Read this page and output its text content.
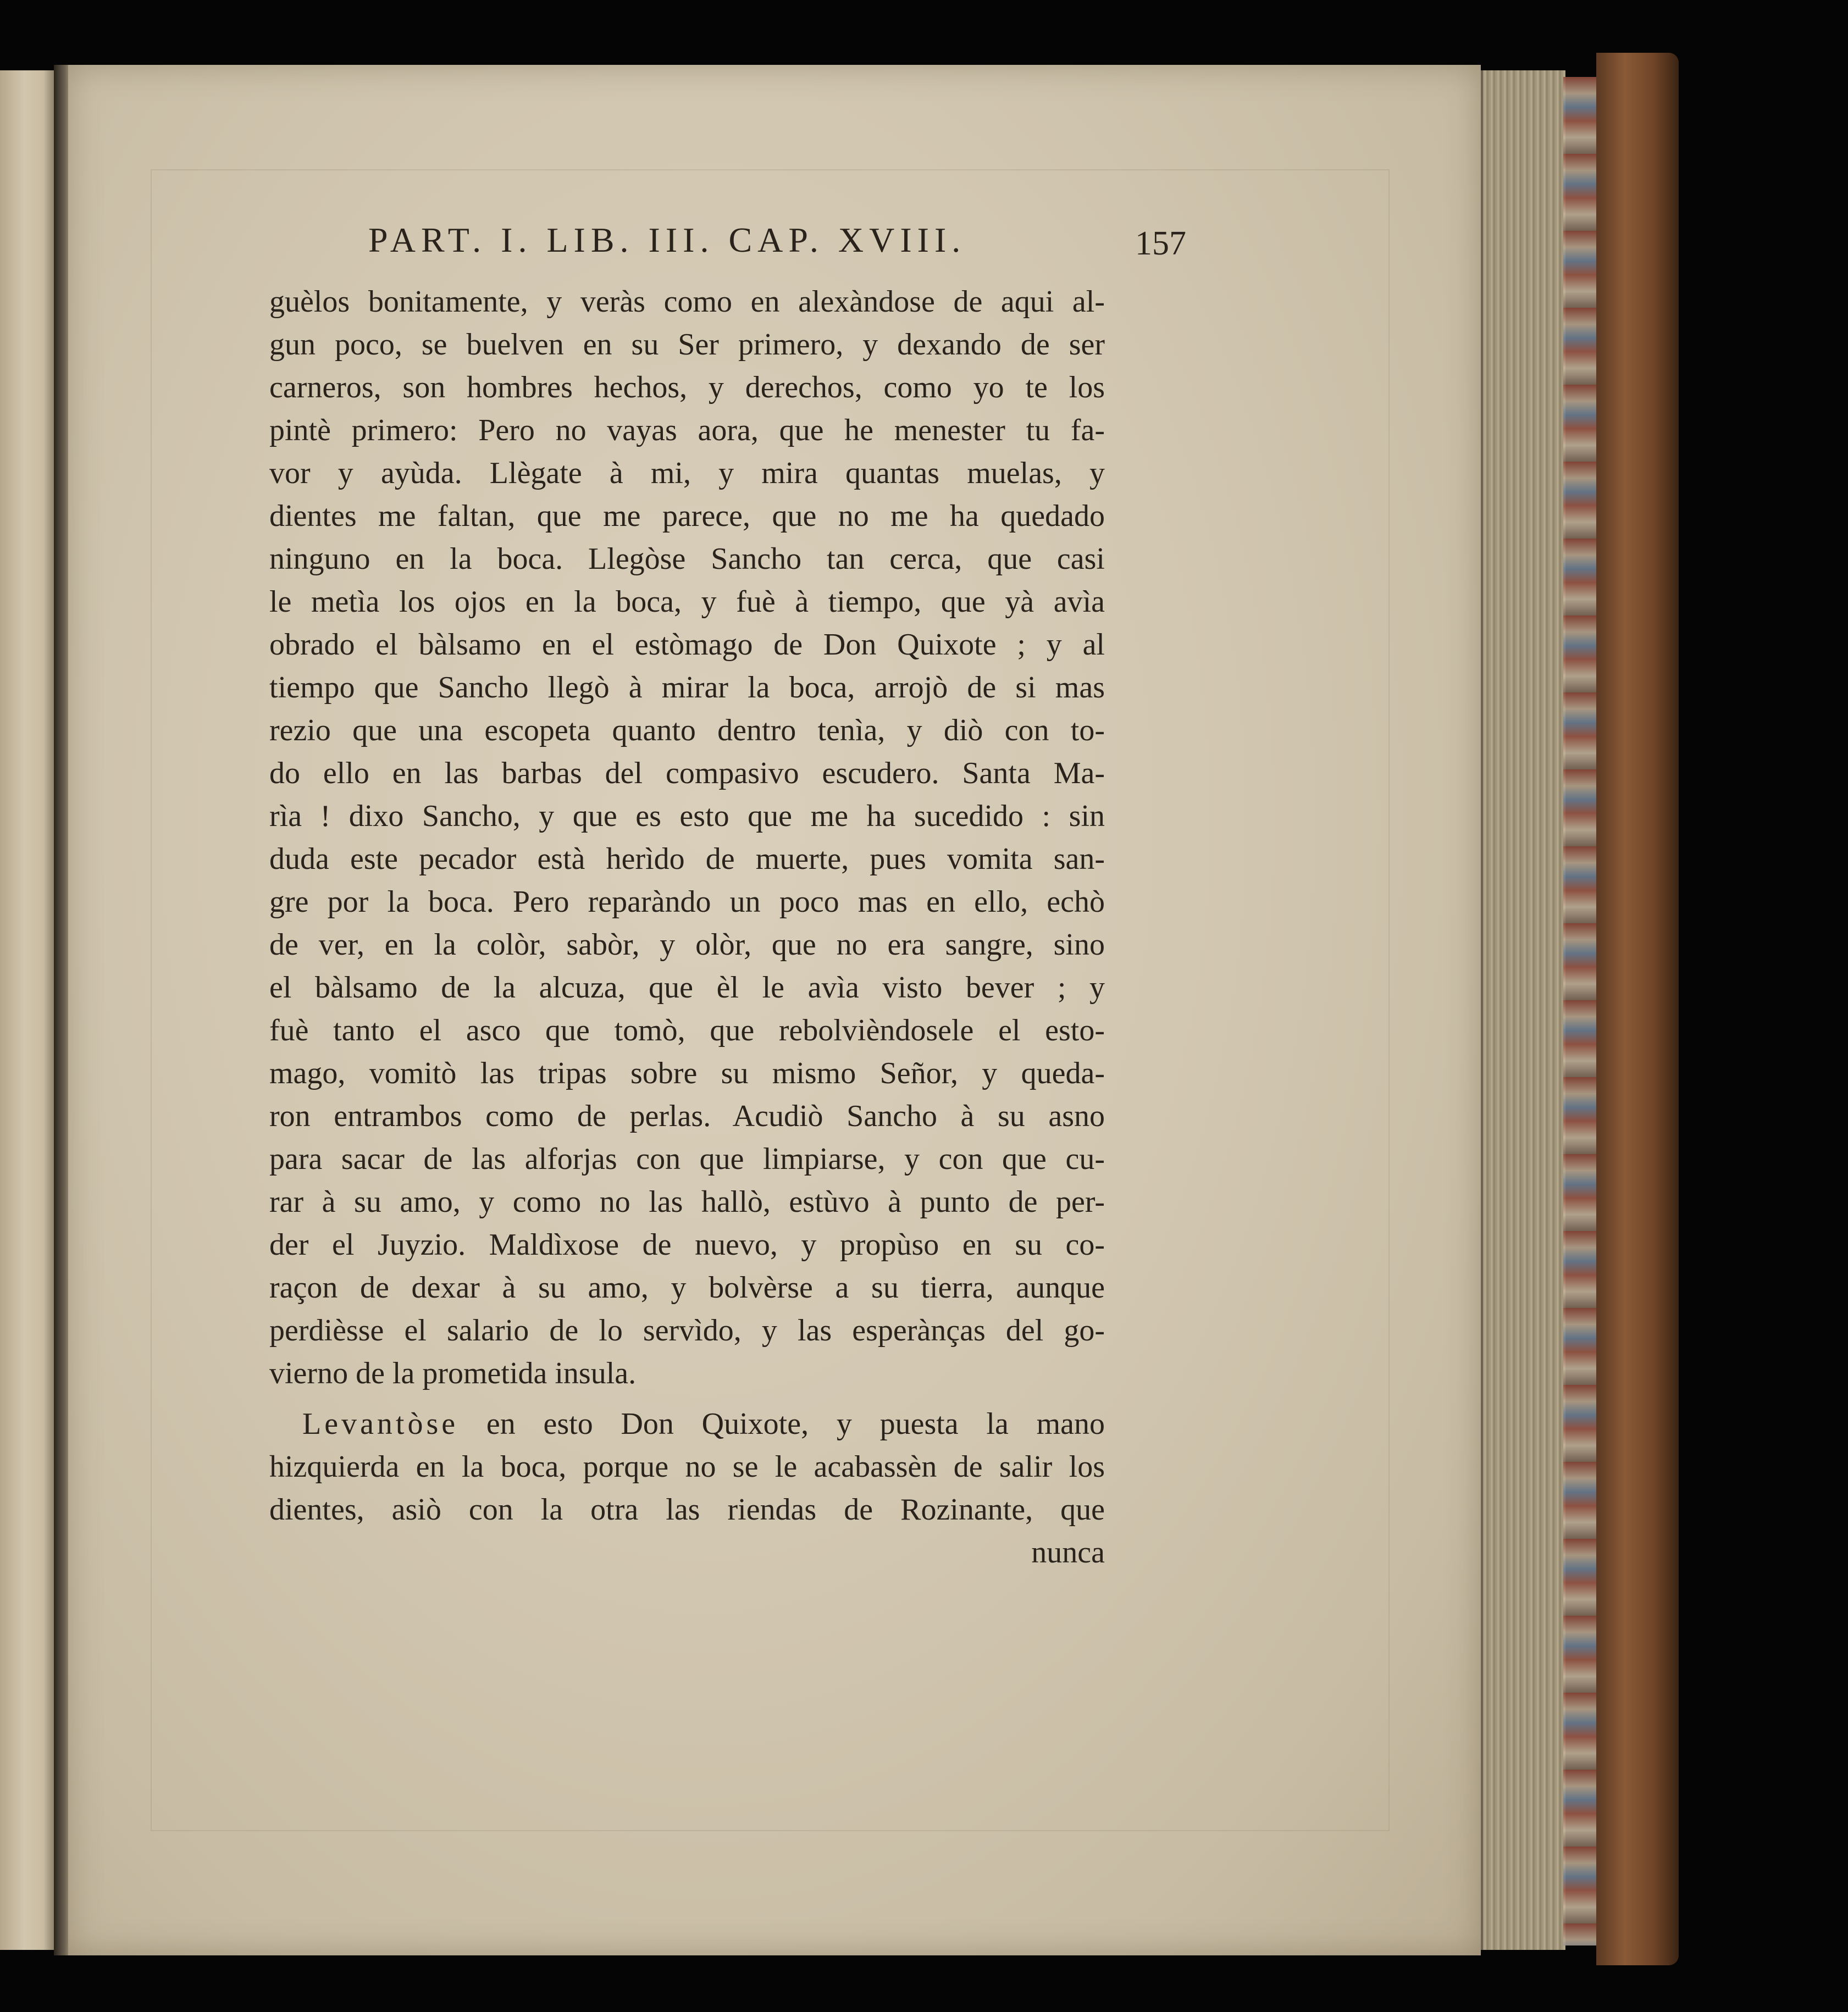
PART. I. LIB. III. CAP. XVIII.	157
guèlos bonitamente, y veràs como en alexàndose de aqui al-
gun poco, se buelven en su Ser primero, y dexando de ser
carneros, son hombres hechos, y derechos, como yo te los
pintè primero: Pero no vayas aora, que he menester tu fa-
vor y ayùda. Llègate à mi, y mira quantas muelas, y
dientes me faltan, que me parece, que no me ha quedado
ninguno en la boca. Llegòse Sancho tan cerca, que casi
le metìa los ojos en la boca, y fuè à tiempo, que yà avìa
obrado el bàlsamo en el estòmago de Don Quixote ; y al
tiempo que Sancho llegò à mirar la boca, arrojò de si mas
rezio que una escopeta quanto dentro tenìa, y diò con to-
do ello en las barbas del compasivo escudero. Santa Ma-
rìa ! dixo Sancho, y que es esto que me ha sucedido : sin
duda este pecador està herìdo de muerte, pues vomita san-
gre por la boca. Pero reparàndo un poco mas en ello, echò
de ver, en la colòr, sabòr, y olòr, que no era sangre, sino
el bàlsamo de la alcuza, que èl le avìa visto bever ; y
fuè tanto el asco que tomò, que rebolvièndosele el esto-
mago, vomitò las tripas sobre su mismo Señor, y queda-
ron entrambos como de perlas. Acudiò Sancho à su asno
para sacar de las alforjas con que limpiarse, y con que cu-
rar à su amo, y como no las hallò, estùvo à punto de per-
der el Juyzio. Maldìxose de nuevo, y propùso en su co-
raçon de dexar à su amo, y bolvèrse a su tierra, aunque
perdièsse el salario de lo servìdo, y las esperànças del go-
vierno de la prometida insula.
Levantòse en esto Don Quixote, y puesta la mano
hizquierda en la boca, porque no se le acabassèn de salir los
dientes, asiò con la otra las riendas de Rozinante, que
nunca
